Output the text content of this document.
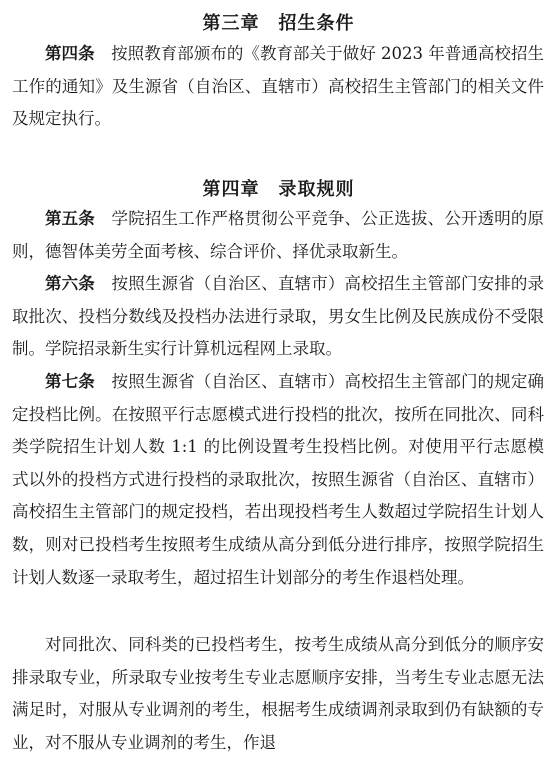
第三章　招生条件

第四条　按照教育部颁布的《教育部关于做好 2023 年普通高校招生工作的通知》及生源省（自治区、直辖市）高校招生主管部门的相关文件及规定执行。

第四章　录取规则

第五条　学院招生工作严格贯彻公平竞争、公正选拔、公开透明的原则，德智体美劳全面考核、综合评价、择优录取新生。

第六条　按照生源省（自治区、直辖市）高校招生主管部门安排的录取批次、投档分数线及投档办法进行录取，男女生比例及民族成份不受限制。学院招录新生实行计算机远程网上录取。

第七条　按照生源省（自治区、直辖市）高校招生主管部门的规定确定投档比例。在按照平行志愿模式进行投档的批次，按所在同批次、同科类学院招生计划人数 1:1 的比例设置考生投档比例。对使用平行志愿模式以外的投档方式进行投档的录取批次，按照生源省（自治区、直辖市）高校招生主管部门的规定投档，若出现投档考生人数超过学院招生计划人数，则对已投档考生按照考生成绩从高分到低分进行排序，按照学院招生计划人数逐一录取考生，超过招生计划部分的考生作退档处理。

对同批次、同科类的已投档考生，按考生成绩从高分到低分的顺序安排录取专业，所录取专业按考生专业志愿顺序安排，当考生专业志愿无法满足时，对服从专业调剂的考生，根据考生成绩调剂录取到仍有缺额的专业，对不服从专业调剂的考生，作退
